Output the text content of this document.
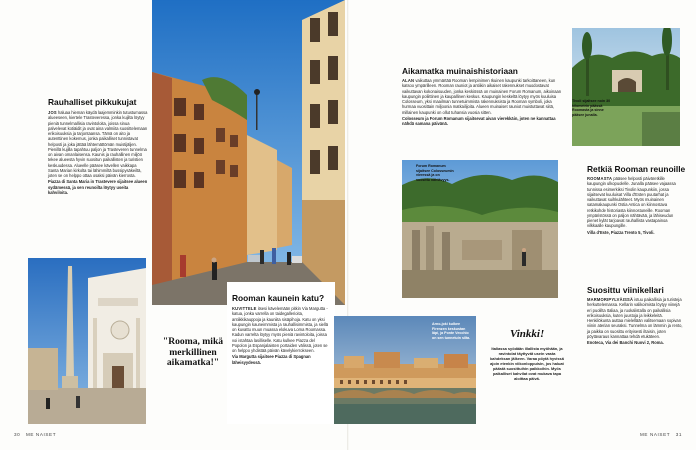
Rauhalliset pikkukujat
JOS haluaa hieman käydä laajemminkin tutustumassa alueeseen, kiertele Trasteveressa, jonka kujilta löytyy pieniä tunnelmallisia ravintoloita, joissa sinua palvelevat kotiäidit ja ovat aina valmiita suosittelemaan erikoisuuksia ja tarjontaansa. Tämä on aito ja autenttinen kokemus, jonka paikalliset tunnistavat helposti ja joka jättää lähtemättömän muistijäljen. Pienillä kujilla tapahtuu paljon ja Trasteveren tunnelma on aivan omanlaisensa. Kaunis ja rauhallinen miljöö tekee alueesta hyvin suositun paikallisten ja turistien keskuudessa. Alueelle pääsee kävellen vaikkapa Santa Marian kirkolta tai lähimmiltä bussipysäkeiltä, joten se on helppo ottaa osaksi päivän kierrosta.
Piazza di Santa Maria in Trastevere sijaitsee alueen sydämessä, ja sen reunoilta löytyy useita kahviloita.
"Rooma, mikä merkillinen aikamatka!"
Rooman kaunein katu?
KUVITTELE itsesi kävelemään pitkin Via Margutta -katua, jonka varrella on taidegallerioita, antiikkikauppoja ja kauniita sisäpihoja. Katu on yksi kaupungin kauneimmista ja rauhallisimmista, ja siellä on kuvattu muun muassa elokuva Loma Roomassa. Kadun varrelta löytyy myös pieniä ravintoloita, joissa voi istahtaa lasilliselle. Katu kulkee Piazza del Popolon ja Espanjalaisten portaiden välissä, joten se on helppo yhdistää päivän kävelykierrokseen.
Via Margutta sijaitsee Piazza di Spagnan läheisyydessä.
30 ME NAISET
Aikamatka muinaishistoriaan
ALAN vaikuttaa ymmärtää Rooman lempinimen Ikuinen kaupunki tarkoittaneen, kun katsoo ympärilleen. Rooman rauniot ja antiikin aikaiset rakennukset muodostavat vaikuttavan kokonaisuuden, jonka keskiössä on muinainen Forum Romanum, aikoinaan kaupungin poliittinen ja kaupallinen keskus. Kaupungin keskeltä löytyy myös kuuluisa Colosseum, yksi maailman tunnetuimmista rakennuksista ja Rooman symboli, joka hurmaa vuosittain miljoonia matkailijoita. Alueen muinaiset rauniot muistuttavat siitä, millainen kaupunki on ollut tuhansia vuosia sitten.
Colosseum ja Forum Romanum sijaitsevat aivan vierekkäin, joten ne kannattaa nähdä samana päivänä.
Forum Romanum sijaitsee Colosseumin vieressä ja on suosittu nähtävyys.
Arno-joki kulkee Firenzen keskustan läpi, ja Ponte Vecchio on sen tunnetuin silta.	Vinkki!
Italiassa syödään illallista myöhään, ja ravintolat täyttyvät usein vasta kahdeksan jälkeen. Varaa pöytä hyvissä ajoin etenkin viikonloppuisin, jos haluat päästä suosittuihin paikkoihin. Myös paikalliset kahvilat ovat mukava tapa aloittaa päivä.
Tivoli sijaitsee noin 30 kilometrin päässä Roomasta ja sinne pääsee junalla.
Retkiä Rooman reunoille
ROOMASTA pääsee helposti päiväretkille kaupungin ulkopuolelle. Junalla pääsee vajaassa tunnissa esimerkiksi Tivolin kaupunkiin, jossa sijaitsevat kuuluisat Villa d'Esten puutarhat ja vaikuttavat suihkulähteet. Myös muinainen satamakaupunki Ostia Antica on kiinnostava retkikohde historiasta kiinnostuneille. Rooman ympäristössä on paljon nähtävää, ja lähiseudun pienet kylät tarjoavat rauhallista vastapainoa vilkkaalle kaupungille.
Villa d'Este, Piazza Trento 5, Tivoli.
Suosittu viinikellari
MARMORIPYLVÄISSÄ istuu paikallisia ja turisteja herkuttelemassa. Kellarin valikoimista löytyy viinejä eri puolilta Italiaa, ja ruokalistalla on paikallisia erikoisuuksia, kuten juustoja ja leikkeleitä. Henkilökunta auttaa mielellään valitsemaan sopivan viinin aterian seuraksi. Tunnelma on lämmin ja rento, ja paikka on suosittu erityisesti iltaisin, joten pöytävaraus kannattaa tehdä etukäteen.
Enoteca, Via dei Banchi Nuovi 2, Roma.
ME NAISET 31
